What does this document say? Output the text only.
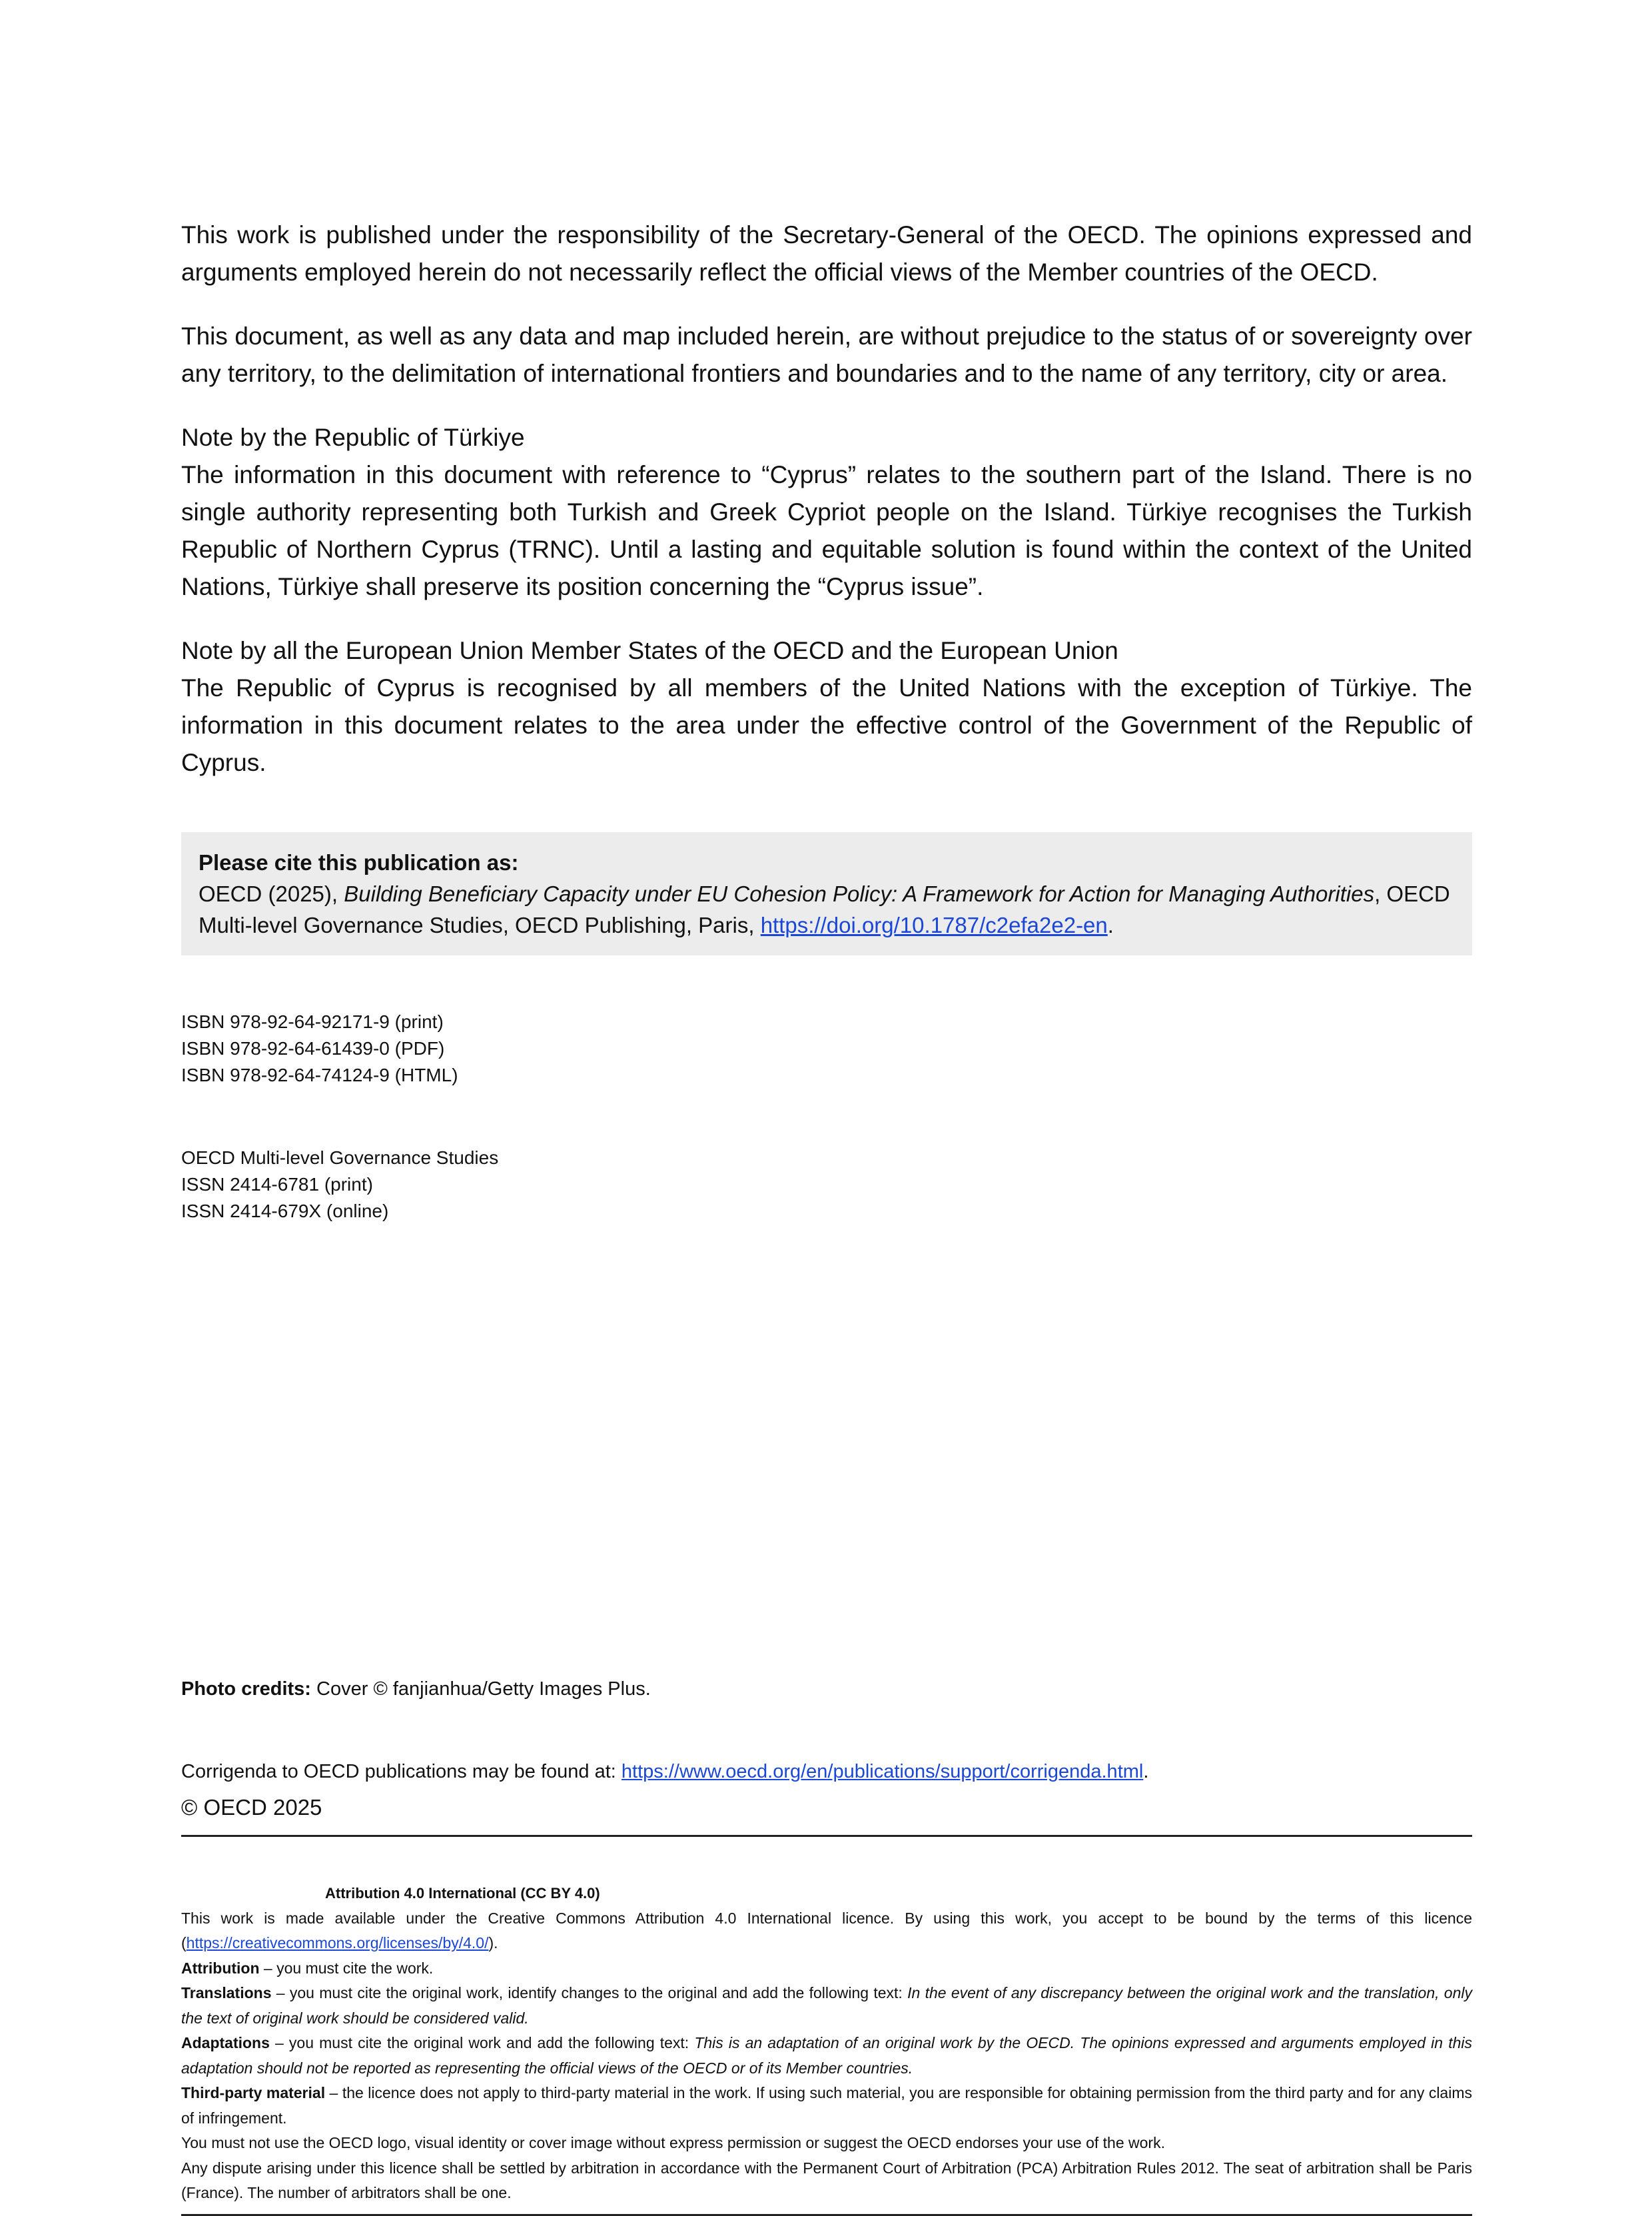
This work is published under the responsibility of the Secretary-General of the OECD. The opinions expressed and arguments employed herein do not necessarily reflect the official views of the Member countries of the OECD.

This document, as well as any data and map included herein, are without prejudice to the status of or sovereignty over any territory, to the delimitation of international frontiers and boundaries and to the name of any territory, city or area.

Note by the Republic of Türkiye
The information in this document with reference to “Cyprus” relates to the southern part of the Island. There is no single authority representing both Turkish and Greek Cypriot people on the Island. Türkiye recognises the Turkish Republic of Northern Cyprus (TRNC). Until a lasting and equitable solution is found within the context of the United Nations, Türkiye shall preserve its position concerning the “Cyprus issue”.

Note by all the European Union Member States of the OECD and the European Union
The Republic of Cyprus is recognised by all members of the United Nations with the exception of Türkiye. The information in this document relates to the area under the effective control of the Government of the Republic of Cyprus.

Please cite this publication as:
OECD (2025), Building Beneficiary Capacity under EU Cohesion Policy: A Framework for Action for Managing Authorities, OECD Multi-level Governance Studies, OECD Publishing, Paris, https://doi.org/10.1787/c2efa2e2-en.
ISBN 978-92-64-92171-9 (print)
ISBN 978-92-64-61439-0 (PDF)
ISBN 978-92-64-74124-9 (HTML)
OECD Multi-level Governance Studies
ISSN 2414-6781 (print)
ISSN 2414-679X (online)
Photo credits: Cover © fanjianhua/Getty Images Plus.
Corrigenda to OECD publications may be found at: https://www.oecd.org/en/publications/support/corrigenda.html.
© OECD 2025
Attribution 4.0 International (CC BY 4.0)
This work is made available under the Creative Commons Attribution 4.0 International licence. By using this work, you accept to be bound by the terms of this licence (https://creativecommons.org/licenses/by/4.0/).
Attribution – you must cite the work.
Translations – you must cite the original work, identify changes to the original and add the following text: In the event of any discrepancy between the original work and the translation, only the text of original work should be considered valid.
Adaptations – you must cite the original work and add the following text: This is an adaptation of an original work by the OECD. The opinions expressed and arguments employed in this adaptation should not be reported as representing the official views of the OECD or of its Member countries.
Third-party material – the licence does not apply to third-party material in the work. If using such material, you are responsible for obtaining permission from the third party and for any claims of infringement.
You must not use the OECD logo, visual identity or cover image without express permission or suggest the OECD endorses your use of the work.
Any dispute arising under this licence shall be settled by arbitration in accordance with the Permanent Court of Arbitration (PCA) Arbitration Rules 2012. The seat of arbitration shall be Paris (France). The number of arbitrators shall be one.
